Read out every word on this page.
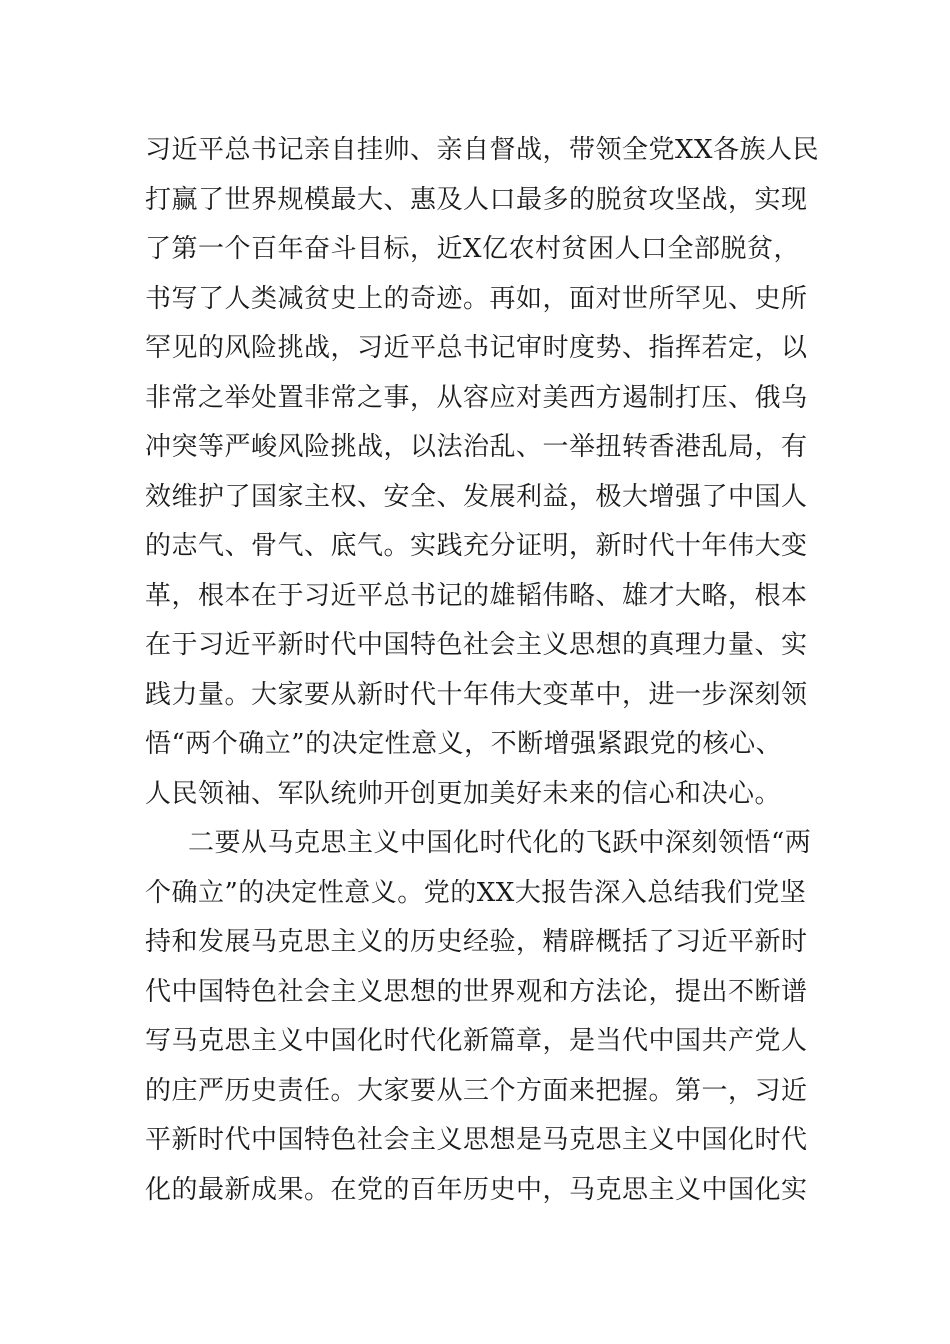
习近平总书记亲自挂帅、亲自督战，带领全党XX各族人民
打赢了世界规模最大、惠及人口最多的脱贫攻坚战，实现
了第一个百年奋斗目标，近X亿农村贫困人口全部脱贫，
书写了人类减贫史上的奇迹。再如，面对世所罕见、史所
罕见的风险挑战，习近平总书记审时度势、指挥若定，以
非常之举处置非常之事，从容应对美西方遏制打压、俄乌
冲突等严峻风险挑战，以法治乱、一举扭转香港乱局，有
效维护了国家主权、安全、发展利益，极大增强了中国人
的志气、骨气、底气。实践充分证明，新时代十年伟大变
革，根本在于习近平总书记的雄韬伟略、雄才大略，根本
在于习近平新时代中国特色社会主义思想的真理力量、实
践力量。大家要从新时代十年伟大变革中，进一步深刻领
悟“两个确立”的决定性意义，不断增强紧跟党的核心、
人民领袖、军队统帅开创更加美好未来的信心和决心。
二要从马克思主义中国化时代化的飞跃中深刻领悟“两
个确立”的决定性意义。党的XX大报告深入总结我们党坚
持和发展马克思主义的历史经验，精辟概括了习近平新时
代中国特色社会主义思想的世界观和方法论，提出不断谱
写马克思主义中国化时代化新篇章，是当代中国共产党人
的庄严历史责任。大家要从三个方面来把握。第一，习近
平新时代中国特色社会主义思想是马克思主义中国化时代
化的最新成果。在党的百年历史中，马克思主义中国化实
